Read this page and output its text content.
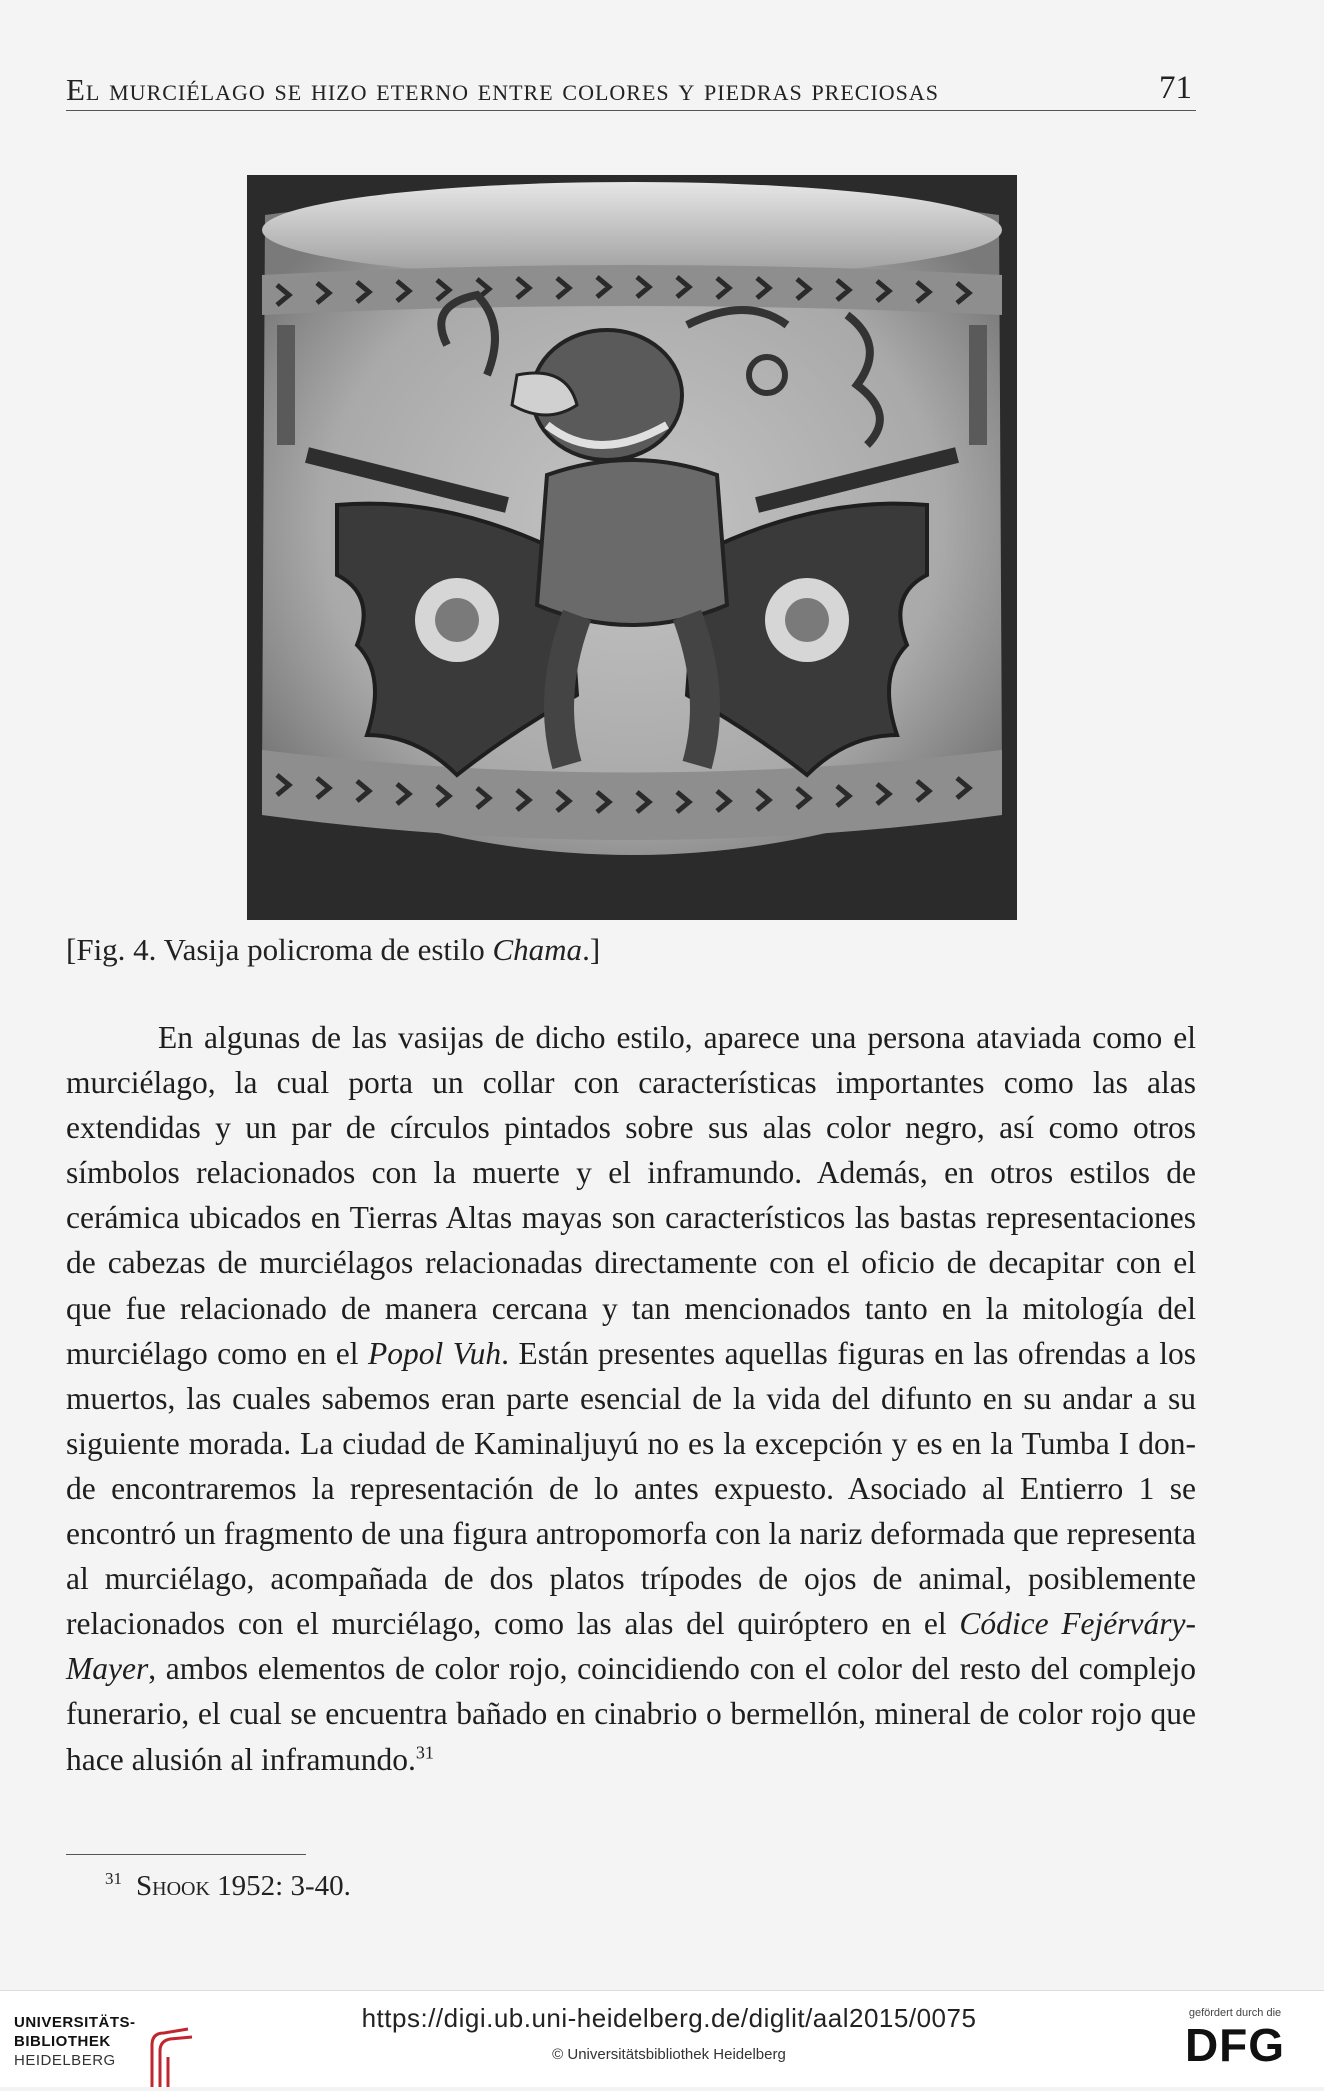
El murciélago se hizo eterno entre colores y piedras preciosas	71
[Fig. 4. Vasija policroma de estilo Chama.]

En algunas de las vasijas de dicho estilo, aparece una persona ataviada como el murciélago, la cual porta un collar con características importantes como las alas extendidas y un par de círculos pintados sobre sus alas color negro, así como otros símbolos relacionados con la muerte y el inframundo. Además, en otros estilos de cerámica ubicados en Tierras Altas mayas son característicos las bastas representaciones de cabezas de murciélagos relacionadas directamente con el oficio de decapitar con el que fue relacionado de manera cercana y tan mencionados tanto en la mitología del murciélago como en el Popol Vuh. Están presentes aquellas figuras en las ofrendas a los muertos, las cuales sabemos eran parte esencial de la vida del difunto en su andar a su siguiente morada. La ciudad de Kaminaljuyú no es la excepción y es en la Tumba I donde encontraremos la representación de lo antes expuesto. Asociado al Entierro 1 se encontró un fragmento de una figura antropomorfa con la nariz deformada que representa al murciélago, acompañada de dos platos trípodes de ojos de animal, posiblemente relacionados con el murciélago, como las alas del quiróptero en el Códice Fejérváry-Mayer, ambos elementos de color rojo, coincidiendo con el color del resto del complejo funerario, el cual se encuentra bañado en cinabrio o bermellón, mineral de color rojo que hace alusión al inframundo.$^{31}$

$^{31}$ Shook 1952: 3-40.
UNIVERSITÄTS-
BIBLIOTHEK
HEIDELBERG
https://digi.ub.uni-heidelberg.de/diglit/aal2015/0075
© Universitätsbibliothek Heidelberg
gefördert durch die
DFG
